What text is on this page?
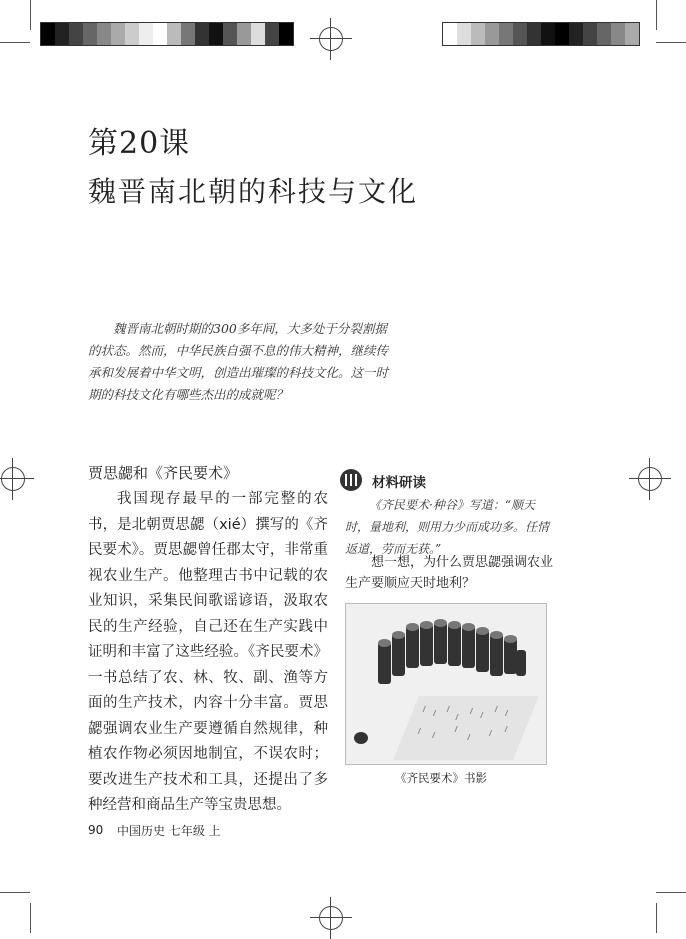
第20课
魏晋南北朝的科技与文化
魏晋南北朝时期的300多年间，大多处于分裂割据的状态。然而，中华民族自强不息的伟大精神，继续传承和发展着中华文明，创造出璀璨的科技文化。这一时期的科技文化有哪些杰出的成就呢？
贾思勰和《齐民要术》
我国现存最早的一部完整的农书，是北朝贾思勰（xié）撰写的《齐民要术》。贾思勰曾任郡太守，非常重视农业生产。他整理古书中记载的农业知识，采集民间歌谣谚语，汲取农民的生产经验，自己还在生产实践中证明和丰富了这些经验。《齐民要术》一书总结了农、林、牧、副、渔等方面的生产技术，内容十分丰富。贾思勰强调农业生产要遵循自然规律，种植农作物必须因地制宜，不误农时；要改进生产技术和工具，还提出了多种经营和商品生产等宝贵思想。
材料研读
《齐民要术·种谷》写道：“顺天时，量地利，则用力少而成功多。任情返道，劳而无获。”
想一想，为什么贾思勰强调农业生产要顺应天时地利？
《齐民要术》书影
90 中国历史 七年级 上
